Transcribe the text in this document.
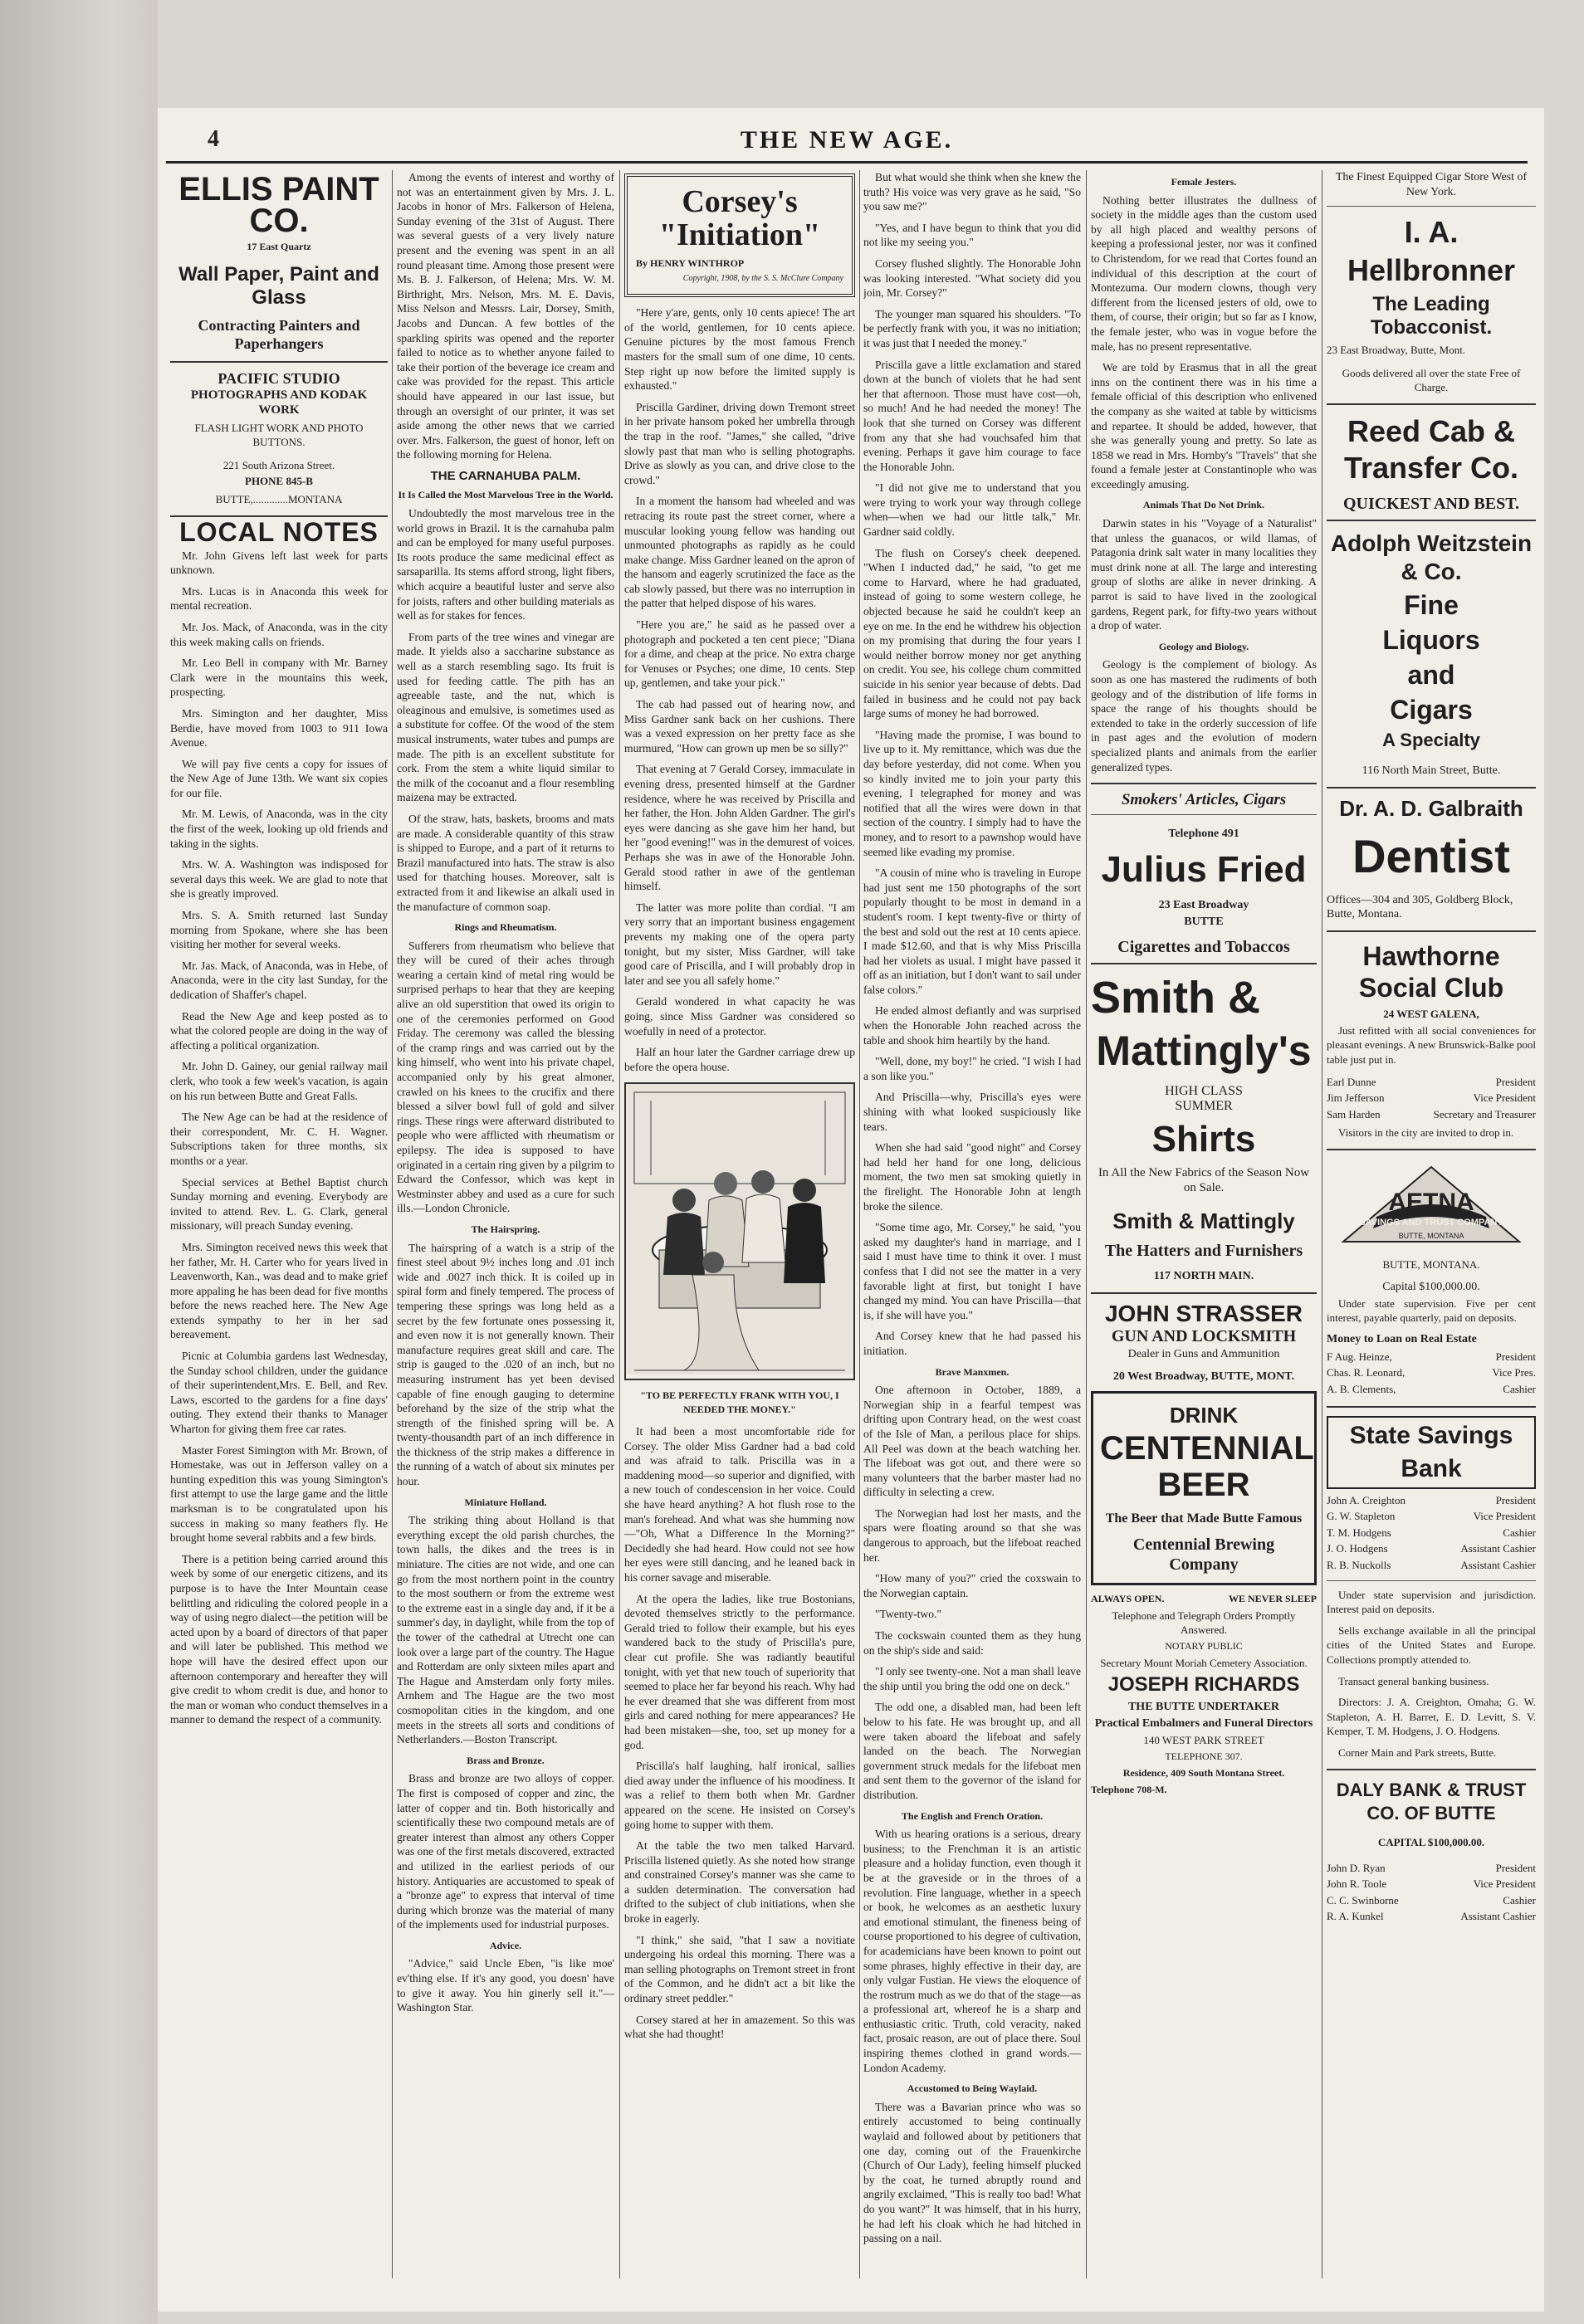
4	THE NEW AGE.
ELLIS PAINT CO.
17 East Quartz
Wall Paper, Paint and Glass
Contracting Painters and Paperhangers
PACIFIC STUDIO
PHOTOGRAPHS AND KODAK WORK
FLASH LIGHT WORK AND PHOTO BUTTONS.
221 South Arizona Street.
PHONE 845-B
BUTTE,.............MONTANA
LOCAL NOTES

Mr. John Givens left last week for parts unknown.

Mrs. Lucas is in Anaconda this week for mental recreation.

Mr. Jos. Mack, of Anaconda, was in the city this week making calls on friends.

Mr. Leo Bell in company with Mr. Barney Clark were in the mountains this week, prospecting.

Mrs. Simington and her daughter, Miss Berdie, have moved from 1003 to 911 Iowa Avenue.

We will pay five cents a copy for issues of the New Age of June 13th. We want six copies for our file.

Mr. M. Lewis, of Anaconda, was in the city the first of the week, looking up old friends and taking in the sights.

Mrs. W. A. Washington was indisposed for several days this week. We are glad to note that she is greatly improved.

Mrs. S. A. Smith returned last Sunday morning from Spokane, where she has been visiting her mother for several weeks.

Mr. Jas. Mack, of Anaconda, was in Hebe, of Anaconda, were in the city last Sunday, for the dedication of Shaffer's chapel.

Read the New Age and keep posted as to what the colored people are doing in the way of affecting a political organization.

Mr. John D. Gainey, our genial railway mail clerk, who took a few week's vacation, is again on his run between Butte and Great Falls.

The New Age can be had at the residence of their correspondent, Mr. C. H. Wagner. Subscriptions taken for three months, six months or a year.

Special services at Bethel Baptist church Sunday morning and evening. Everybody are invited to attend. Rev. L. G. Clark, general missionary, will preach Sunday evening.

Mrs. Simington received news this week that her father, Mr. H. Carter who for years lived in Leavenworth, Kan., was dead and to make grief more appaling he has been dead for five months before the news reached here. The New Age extends sympathy to her in her sad bereavement.

Picnic at Columbia gardens last Wednesday, the Sunday school children, under the guidance of their superintendent,Mrs. E. Bell, and Rev. Laws, escorted to the gardens for a fine days' outing. They extend their thanks to Manager Wharton for giving them free car rates.

Master Forest Simington with Mr. Brown, of Homestake, was out in Jefferson valley on a hunting expedition this was young Simington's first attempt to use the large game and the little marksman is to be congratulated upon his success in making so many feathers fly. He brought home several rabbits and a few birds.

There is a petition being carried around this week by some of our energetic citizens, and its purpose is to have the Inter Mountain cease belittling and ridiculing the colored people in a way of using negro dialect—the petition will be acted upon by a board of directors of that paper and will later be published. This method we hope will have the desired effect upon our afternoon contemporary and hereafter they will give credit to whom credit is due, and honor to the man or woman who conduct themselves in a manner to demand the respect of a community.

Among the events of interest and worthy of not was an entertainment given by Mrs. J. L. Jacobs in honor of Mrs. Falkerson of Helena, Sunday evening of the 31st of August. There was several guests of a very lively nature present and the evening was spent in an all round pleasant time. Among those present were Ms. B. J. Falkerson, of Helena; Mrs. W. M. Birthright, Mrs. Nelson, Mrs. M. E. Davis, Miss Nelson and Messrs. Lair, Dorsey, Smith, Jacobs and Duncan. A few bottles of the sparkling spirits was opened and the reporter failed to notice as to whether anyone failed to take their portion of the beverage ice cream and cake was provided for the repast. This article should have appeared in our last issue, but through an oversight of our printer, it was set aside among the other news that we carried over. Mrs. Falkerson, the guest of honor, left on the following morning for Helena.

THE CARNAHUBA PALM.
It Is Called the Most Marvelous Tree in the World.

Undoubtedly the most marvelous tree in the world grows in Brazil. It is the carnahuba palm and can be employed for many useful purposes. Its roots produce the same medicinal effect as sarsaparilla. Its stems afford strong, light fibers, which acquire a beautiful luster and serve also for joists, rafters and other building materials as well as for stakes for fences.

From parts of the tree wines and vinegar are made. It yields also a saccharine substance as well as a starch resembling sago. Its fruit is used for feeding cattle. The pith has an agreeable taste, and the nut, which is oleaginous and emulsive, is sometimes used as a substitute for coffee. Of the wood of the stem musical instruments, water tubes and pumps are made. The pith is an excellent substitute for cork. From the stem a white liquid similar to the milk of the cocoanut and a flour resembling maizena may be extracted.

Of the straw, hats, baskets, brooms and mats are made. A considerable quantity of this straw is shipped to Europe, and a part of it returns to Brazil manufactured into hats. The straw is also used for thatching houses. Moreover, salt is extracted from it and likewise an alkali used in the manufacture of common soap.

Rings and Rheumatism.

Sufferers from rheumatism who believe that they will be cured of their aches through wearing a certain kind of metal ring would be surprised perhaps to hear that they are keeping alive an old superstition that owed its origin to one of the ceremonies performed on Good Friday. The ceremony was called the blessing of the cramp rings and was carried out by the king himself, who went into his private chapel, accompanied only by his great almoner, crawled on his knees to the crucifix and there blessed a silver bowl full of gold and silver rings. These rings were afterward distributed to people who were afflicted with rheumatism or epilepsy. The idea is supposed to have originated in a certain ring given by a pilgrim to Edward the Confessor, which was kept in Westminster abbey and used as a cure for such ills.—London Chronicle.

The Hairspring.

The hairspring of a watch is a strip of the finest steel about 9½ inches long and .01 inch wide and .0027 inch thick. It is coiled up in spiral form and finely tempered. The process of tempering these springs was long held as a secret by the few fortunate ones possessing it, and even now it is not generally known. Their manufacture requires great skill and care. The strip is gauged to the .020 of an inch, but no measuring instrument has yet been devised capable of fine enough gauging to determine beforehand by the size of the strip what the strength of the finished spring will be. A twenty-thousandth part of an inch difference in the thickness of the strip makes a difference in the running of a watch of about six minutes per hour.

Miniature Holland.

The striking thing about Holland is that everything except the old parish churches, the town halls, the dikes and the trees is in miniature. The cities are not wide, and one can go from the most northern point in the country to the most southern or from the extreme west to the extreme east in a single day and, if it be a summer's day, in daylight, while from the top of the tower of the cathedral at Utrecht one can look over a large part of the country. The Hague and Rotterdam are only sixteen miles apart and The Hague and Amsterdam only forty miles. Arnhem and The Hague are the two most cosmopolitan cities in the kingdom, and one meets in the streets all sorts and conditions of Netherlanders.—Boston Transcript.

Brass and Bronze.

Brass and bronze are two alloys of copper. The first is composed of copper and zinc, the latter of copper and tin. Both historically and scientifically these two compound metals are of greater interest than almost any others Copper was one of the first metals discovered, extracted and utilized in the earliest periods of our history. Antiquaries are accustomed to speak of a "bronze age" to express that interval of time during which bronze was the material of many of the implements used for industrial purposes.

Advice.

"Advice," said Uncle Eben, "is like moe' ev'thing else. If it's any good, you doesn' have to give it away. You hin ginerly sell it."—Washington Star.

Corsey's
"Initiation"
By HENRY WINTHROP
Copyright, 1908, by the S. S. McClure Company

"Here y'are, gents, only 10 cents apiece! The art of the world, gentlemen, for 10 cents apiece. Genuine pictures by the most famous French masters for the small sum of one dime, 10 cents. Step right up now before the limited supply is exhausted."

Priscilla Gardiner, driving down Tremont street in her private hansom poked her umbrella through the trap in the roof. "James," she called, "drive slowly past that man who is selling photographs. Drive as slowly as you can, and drive close to the crowd."

In a moment the hansom had wheeled and was retracing its route past the street corner, where a muscular looking young fellow was handing out unmounted photographs as rapidly as he could make change. Miss Gardner leaned on the apron of the hansom and eagerly scrutinized the face as the cab slowly passed, but there was no interruption in the patter that helped dispose of his wares.

"Here you are," he said as he passed over a photograph and pocketed a ten cent piece; "Diana for a dime, and cheap at the price. No extra charge for Venuses or Psyches; one dime, 10 cents. Step up, gentlemen, and take your pick."

The cab had passed out of hearing now, and Miss Gardner sank back on her cushions. There was a vexed expression on her pretty face as she murmured, "How can grown up men be so silly?"

That evening at 7 Gerald Corsey, immaculate in evening dress, presented himself at the Gardner residence, where he was received by Priscilla and her father, the Hon. John Alden Gardner. The girl's eyes were dancing as she gave him her hand, but her "good evening!" was in the demurest of voices. Perhaps she was in awe of the Honorable John. Gerald stood rather in awe of the gentleman himself.

The latter was more polite than cordial. "I am very sorry that an important business engagement prevents my making one of the opera party tonight, but my sister, Miss Gardner, will take good care of Priscilla, and I will probably drop in later and see you all safely home."

Gerald wondered in what capacity he was going, since Miss Gardner was considered so woefully in need of a protector.

Half an hour later the Gardner carriage drew up before the opera house.

"TO BE PERFECTLY FRANK WITH YOU, I NEEDED THE MONEY."

It had been a most uncomfortable ride for Corsey. The older Miss Gardner had a bad cold and was afraid to talk. Priscilla was in a maddening mood—so superior and dignified, with a new touch of condescension in her voice. Could she have heard anything? A hot flush rose to the man's forehead. And what was she humming now—"Oh, What a Difference In the Morning?" Decidedly she had heard. How could not see how her eyes were still dancing, and he leaned back in his corner savage and miserable.

At the opera the ladies, like true Bostonians, devoted themselves strictly to the performance. Gerald tried to follow their example, but his eyes wandered back to the study of Priscilla's pure, clear cut profile. She was radiantly beautiful tonight, with yet that new touch of superiority that seemed to place her far beyond his reach. Why had he ever dreamed that she was different from most girls and cared nothing for mere appearances? He had been mistaken—she, too, set up money for a god.

Priscilla's half laughing, half ironical, sallies died away under the influence of his moodiness. It was a relief to them both when Mr. Gardner appeared on the scene. He insisted on Corsey's going home to supper with them.

At the table the two men talked Harvard. Priscilla listened quietly. As she noted how strange and constrained Corsey's manner was she came to a sudden determination. The conversation had drifted to the subject of club initiations, when she broke in eagerly.

"I think," she said, "that I saw a novitiate undergoing his ordeal this morning. There was a man selling photographs on Tremont street in front of the Common, and he didn't act a bit like the ordinary street peddler."

Corsey stared at her in amazement. So this was what she had thought!

But what would she think when she knew the truth? His voice was very grave as he said, "So you saw me?"

"Yes, and I have begun to think that you did not like my seeing you."

Corsey flushed slightly. The Honorable John was looking interested. "What society did you join, Mr. Corsey?"

The younger man squared his shoulders. "To be perfectly frank with you, it was no initiation; it was just that I needed the money."

Priscilla gave a little exclamation and stared down at the bunch of violets that he had sent her that afternoon. Those must have cost—oh, so much! And he had needed the money! The look that she turned on Corsey was different from any that she had vouchsafed him that evening. Perhaps it gave him courage to face the Honorable John.

"I did not give me to understand that you were trying to work your way through college when—when we had our little talk," Mr. Gardner said coldly.

The flush on Corsey's cheek deepened. "When I inducted dad," he said, "to get me come to Harvard, where he had graduated, instead of going to some western college, he objected because he said he couldn't keep an eye on me. In the end he withdrew his objection on my promising that during the four years I would neither borrow money nor get anything on credit. You see, his college chum committed suicide in his senior year because of debts. Dad failed in business and he could not pay back large sums of money he had borrowed.

"Having made the promise, I was bound to live up to it. My remittance, which was due the day before yesterday, did not come. When you so kindly invited me to join your party this evening, I telegraphed for money and was notified that all the wires were down in that section of the country. I simply had to have the money, and to resort to a pawnshop would have seemed like evading my promise.

"A cousin of mine who is traveling in Europe had just sent me 150 photographs of the sort popularly thought to be most in demand in a student's room. I kept twenty-five or thirty of the best and sold out the rest at 10 cents apiece. I made $12.60, and that is why Miss Priscilla had her violets as usual. I might have passed it off as an initiation, but I don't want to sail under false colors."

He ended almost defiantly and was surprised when the Honorable John reached across the table and shook him heartily by the hand.

"Well, done, my boy!" he cried. "I wish I had a son like you."

And Priscilla—why, Priscilla's eyes were shining with what looked suspiciously like tears.

When she had said "good night" and Corsey had held her hand for one long, delicious moment, the two men sat smoking quietly in the firelight. The Honorable John at length broke the silence.

"Some time ago, Mr. Corsey," he said, "you asked my daughter's hand in marriage, and I said I must have time to think it over. I must confess that I did not see the matter in a very favorable light at first, but tonight I have changed my mind. You can have Priscilla—that is, if she will have you."

And Corsey knew that he had passed his initiation.

Brave Manxmen.

One afternoon in October, 1889, a Norwegian ship in a fearful tempest was drifting upon Contrary head, on the west coast of the Isle of Man, a perilous place for ships. All Peel was down at the beach watching her. The lifeboat was got out, and there were so many volunteers that the barber master had no difficulty in selecting a crew.

The Norwegian had lost her masts, and the spars were floating around so that she was dangerous to approach, but the lifeboat reached her.

"How many of you?" cried the coxswain to the Norwegian captain.

"Twenty-two."

The cockswain counted them as they hung on the ship's side and said:

"I only see twenty-one. Not a man shall leave the ship until you bring the odd one on deck."

The odd one, a disabled man, had been left below to his fate. He was brought up, and all were taken aboard the lifeboat and safely landed on the beach. The Norwegian government struck medals for the lifeboat men and sent them to the governor of the island for distribution.

The English and French Oration.

With us hearing orations is a serious, dreary business; to the Frenchman it is an artistic pleasure and a holiday function, even though it be at the graveside or in the throes of a revolution. Fine language, whether in a speech or book, he welcomes as an aesthetic luxury and emotional stimulant, the fineness being of course proportioned to his degree of cultivation, for academicians have been known to point out some phrases, highly effective in their day, are only vulgar Fustian. He views the eloquence of the rostrum much as we do that of the stage—as a professional art, whereof he is a sharp and enthusiastic critic. Truth, cold veracity, naked fact, prosaic reason, are out of place there. Soul inspiring themes clothed in grand words.—London Academy.

Accustomed to Being Waylaid.

There was a Bavarian prince who was so entirely accustomed to being continually waylaid and followed about by petitioners that one day, coming out of the Frauenkirche (Church of Our Lady), feeling himself plucked by the coat, he turned abruptly round and angrily exclaimed, "This is really too bad! What do you want?" It was himself, that in his hurry, he had left his cloak which he had hitched in passing on a nail.

Female Jesters.

Nothing better illustrates the dullness of society in the middle ages than the custom used by all high placed and wealthy persons of keeping a professional jester, nor was it confined to Christendom, for we read that Cortes found an individual of this description at the court of Montezuma. Our modern clowns, though very different from the licensed jesters of old, owe to them, of course, their origin; but so far as I know, the female jester, who was in vogue before the male, has no present representative.

We are told by Erasmus that in all the great inns on the continent there was in his time a female official of this description who enlivened the company as she waited at table by witticisms and repartee. It should be added, however, that she was generally young and pretty. So late as 1858 we read in Mrs. Hornby's "Travels" that she found a female jester at Constantinople who was exceedingly amusing.

Animals That Do Not Drink.

Darwin states in his "Voyage of a Naturalist" that unless the guanacos, or wild llamas, of Patagonia drink salt water in many localities they must drink none at all. The large and interesting group of sloths are alike in never drinking. A parrot is said to have lived in the zoological gardens, Regent park, for fifty-two years without a drop of water.

Geology and Biology.

Geology is the complement of biology. As soon as one has mastered the rudiments of both geology and of the distribution of life forms in space the range of his thoughts should be extended to take in the orderly succession of life in past ages and the evolution of modern specialized plants and animals from the earlier generalized types.

Smokers' Articles, Cigars
Telephone 491
Julius Fried
23 East Broadway
BUTTE
Cigarettes and Tobaccos
Smith &
Mattingly's
HIGH CLASS
SUMMER
Shirts
In All the New Fabrics of the Season Now on Sale.
Smith & Mattingly
The Hatters and Furnishers
117 NORTH MAIN.
JOHN STRASSER
GUN AND LOCKSMITH
Dealer in Guns and Ammunition
20 West Broadway, BUTTE, MONT.
DRINK
CENTENNIAL BEER
The Beer that Made Butte Famous
Centennial Brewing Company
ALWAYS OPEN.	WE NEVER SLEEP
Telephone and Telegraph Orders Promptly Answered.
NOTARY PUBLIC
Secretary Mount Moriah Cemetery Association.
JOSEPH RICHARDS
THE BUTTE UNDERTAKER
Practical Embalmers and Funeral Directors
140 WEST PARK STREET
TELEPHONE 307.
Residence, 409 South Montana Street.
Telephone 708-M.
The Finest Equipped Cigar Store West of New York.
I. A. Hellbronner
The Leading Tobacconist.
23 East Broadway, Butte, Mont.
Goods delivered all over the state Free of Charge.
Reed Cab & Transfer Co.
QUICKEST AND BEST.
Adolph Weitzstein & Co.
Fine
Liquors
and
Cigars
A Specialty
116 North Main Street, Butte.
Dr. A. D. Galbraith
Dentist
Offices—304 and 305, Goldberg Block, Butte, Montana.
Hawthorne Social Club
24 WEST GALENA,

Just refitted with all social conveniences for pleasant evenings. A new Brunswick-Balke pool table just put in.

Earl Dunne	President
Jim Jefferson	Vice President
Sam Harden	Secretary and Treasurer

Visitors in the city are invited to drop in.

AETNA
SAVINGS AND TRUST COMPANY
BUTTE, MONTANA
BUTTE, MONTANA.
Capital $100,000.00.

Under state supervision. Five per cent interest, payable quarterly, paid on deposits.

Money to Loan on Real Estate
F Aug. Heinze,	President
Chas. R. Leonard,	Vice Pres.
A. B. Clements,	Cashier
State Savings Bank
John A. Creighton	President
G. W. Stapleton	Vice President
T. M. Hodgens	Cashier
J. O. Hodgens	Assistant Cashier
R. B. Nuckolls	Assistant Cashier

Under state supervision and jurisdiction. Interest paid on deposits.

Sells exchange available in all the principal cities of the United States and Europe. Collections promptly attended to.

Transact general banking business.

Directors: J. A. Creighton, Omaha; G. W. Stapleton, A. H. Barret, E. D. Levitt, S. V. Kemper, T. M. Hodgens, J. O. Hodgens.

Corner Main and Park streets, Butte.

DALY BANK & TRUST CO. OF BUTTE
CAPITAL $100,000.00.
John D. Ryan	President
John R. Toole	Vice President
C. C. Swinborne	Cashier
R. A. Kunkel	Assistant Cashier
